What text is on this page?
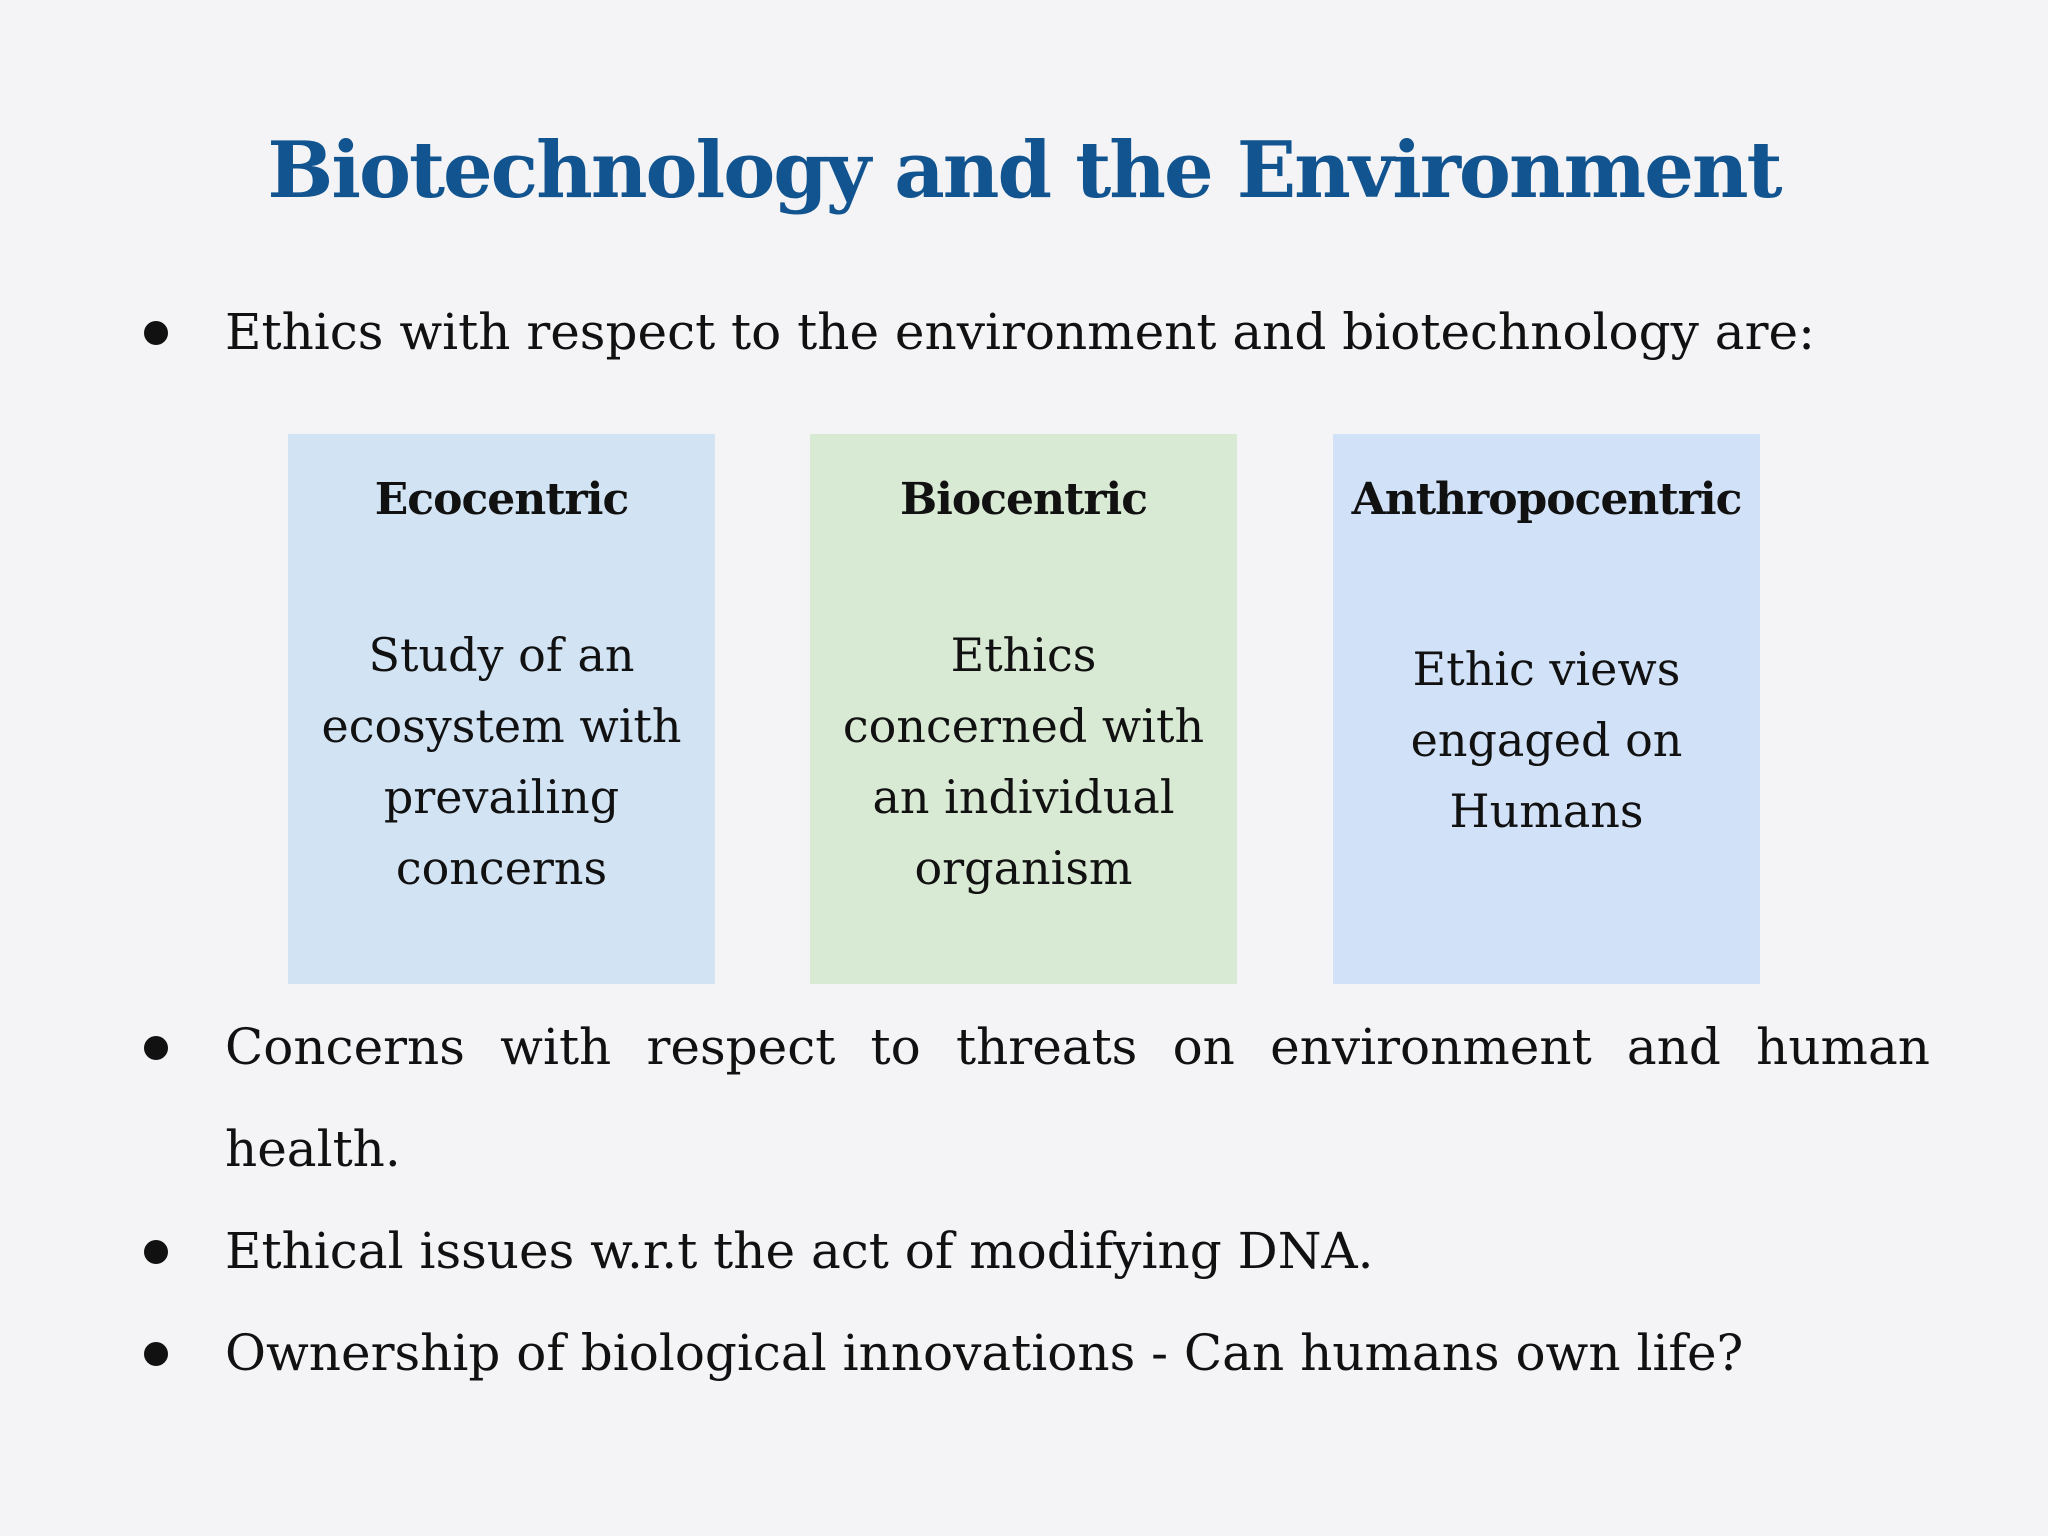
Biotechnology and the Environment
Ethics with respect to the environment and biotechnology are:
Ecocentric
Study of an ecosystem with prevailing concerns
Biocentric
Ethics concerned with an individual organism
Anthropocentric
Ethic views engaged on Humans
Concerns with respect to threats on environment and human health.
Ethical issues w.r.t the act of modifying DNA.
Ownership of biological innovations - Can humans own life?
